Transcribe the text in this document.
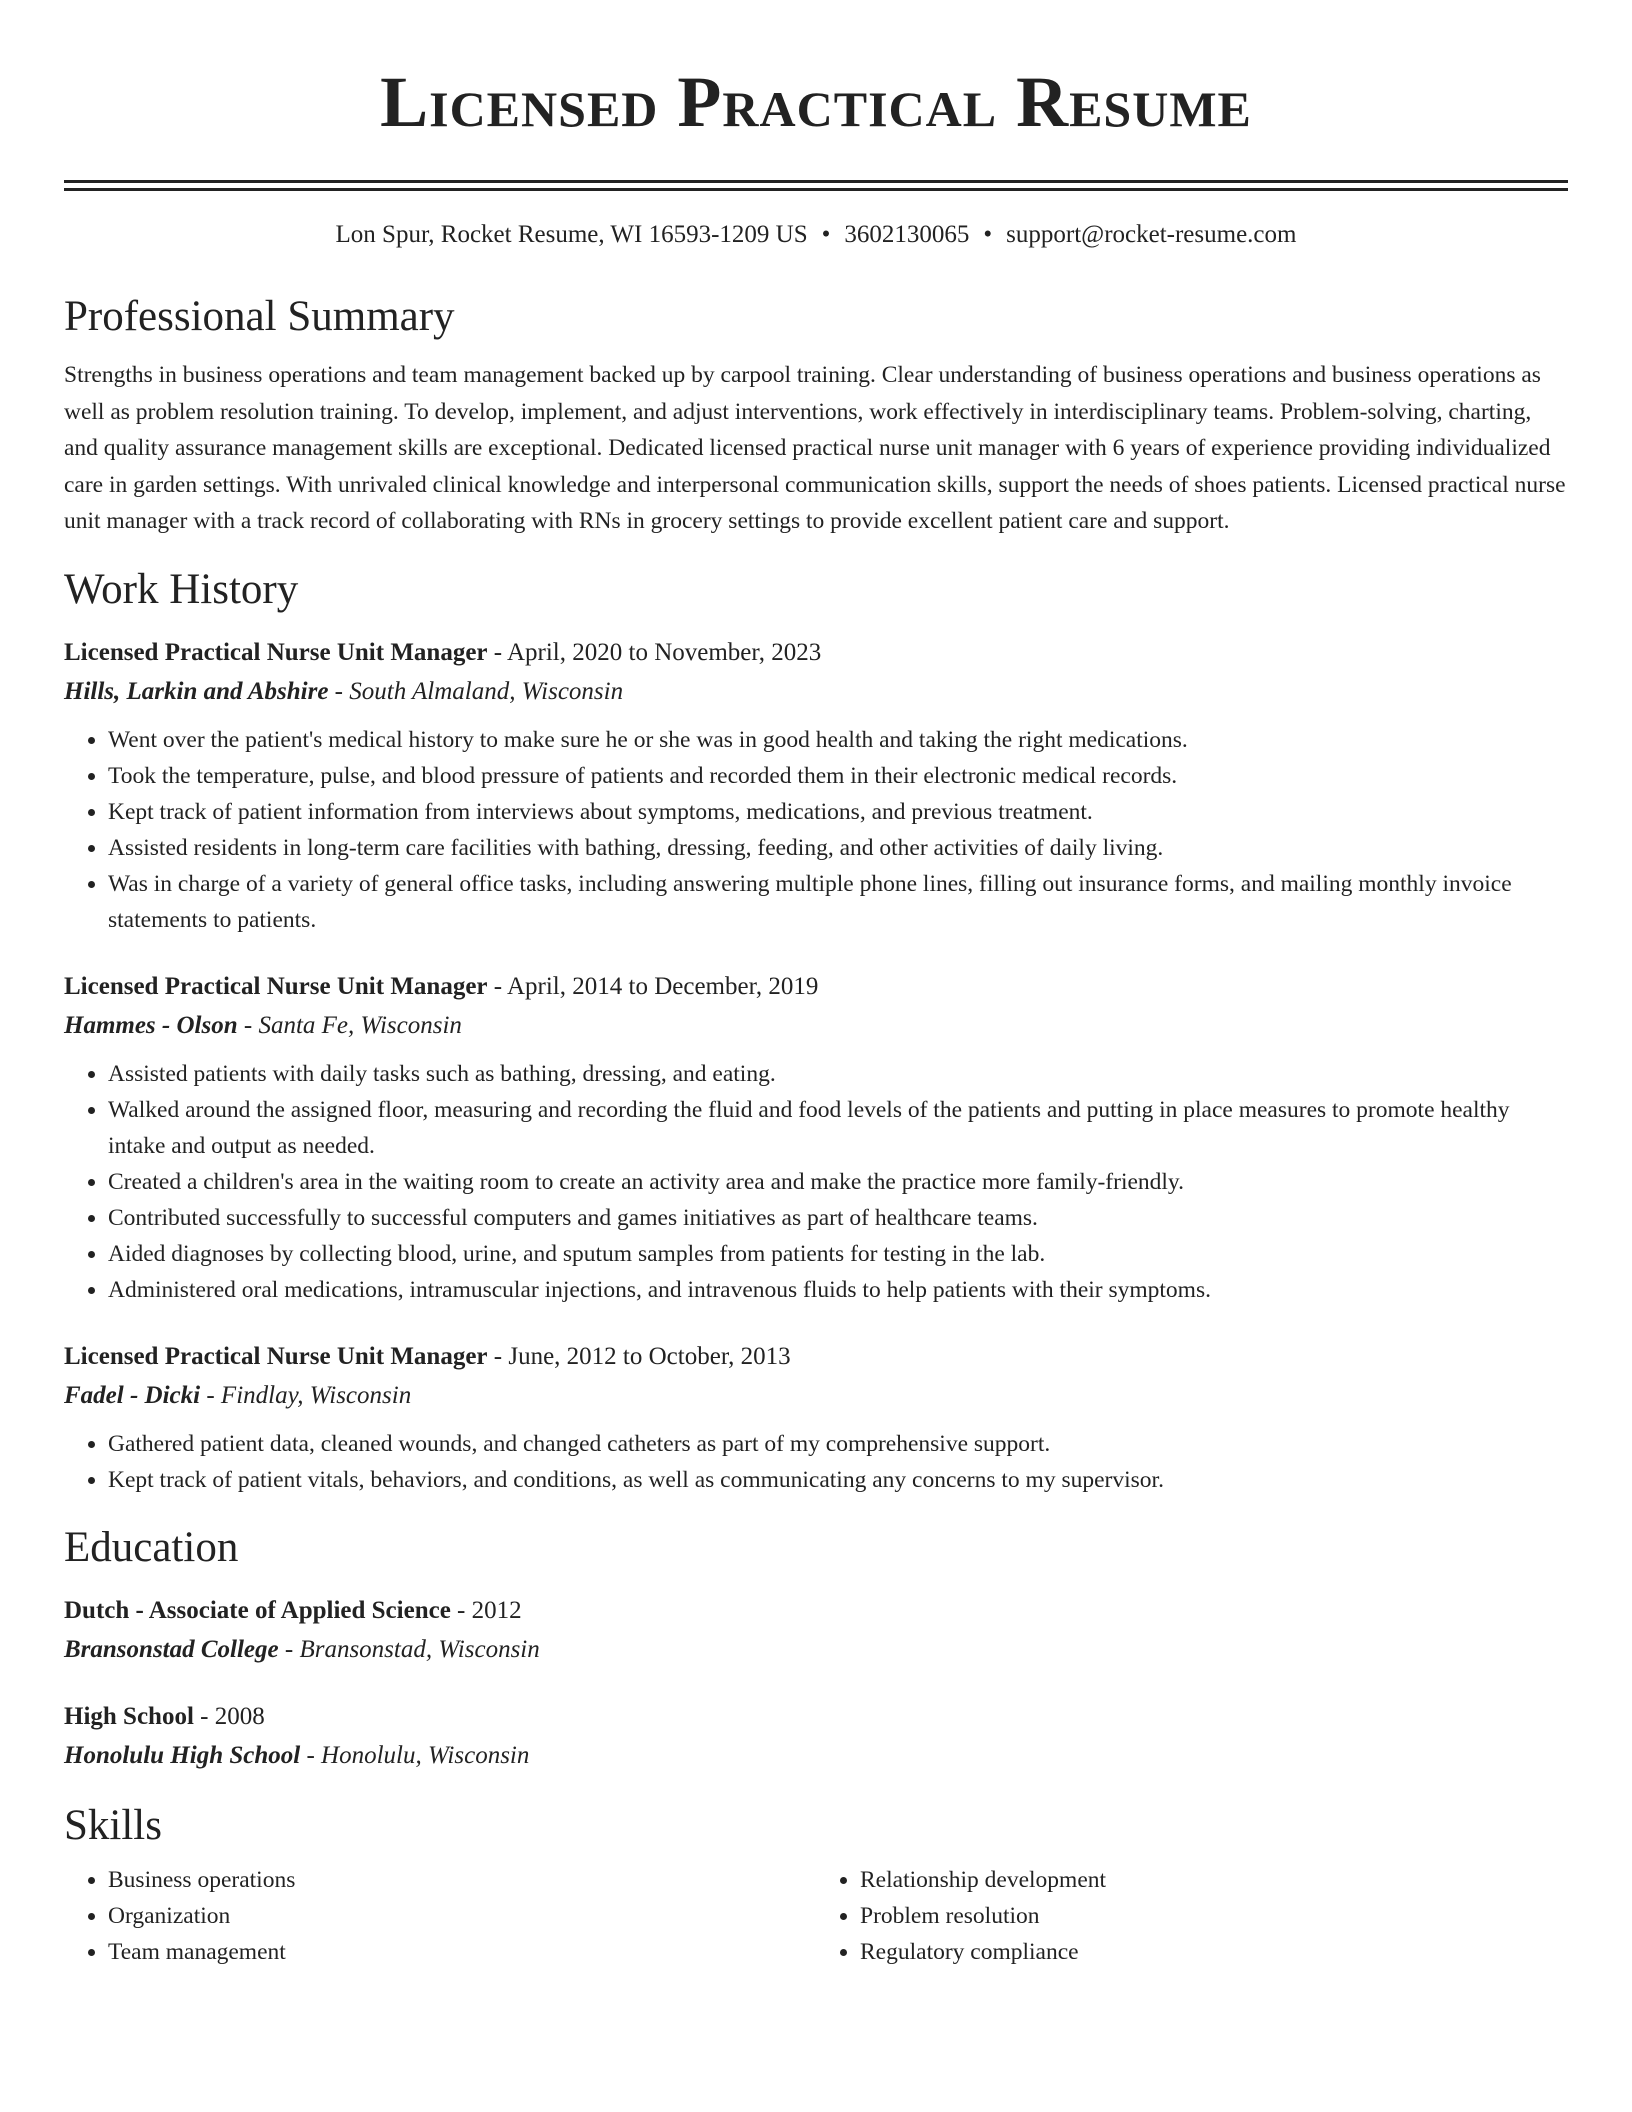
Licensed Practical Resume
Lon Spur, Rocket Resume, WI 16593-1209 US • 3602130065 • support@rocket-resume.com
Professional Summary
Strengths in business operations and team management backed up by carpool training. Clear understanding of business operations and business operations as well as problem resolution training. To develop, implement, and adjust interventions, work effectively in interdisciplinary teams. Problem-solving, charting, and quality assurance management skills are exceptional. Dedicated licensed practical nurse unit manager with 6 years of experience providing individualized care in garden settings. With unrivaled clinical knowledge and interpersonal communication skills, support the needs of shoes patients. Licensed practical nurse unit manager with a track record of collaborating with RNs in grocery settings to provide excellent patient care and support.
Work History
Licensed Practical Nurse Unit Manager - April, 2020 to November, 2023
Hills, Larkin and Abshire - South Almaland, Wisconsin
• Went over the patient's medical history to make sure he or she was in good health and taking the right medications.
• Took the temperature, pulse, and blood pressure of patients and recorded them in their electronic medical records.
• Kept track of patient information from interviews about symptoms, medications, and previous treatment.
• Assisted residents in long-term care facilities with bathing, dressing, feeding, and other activities of daily living.
• Was in charge of a variety of general office tasks, including answering multiple phone lines, filling out insurance forms, and mailing monthly invoice statements to patients.
Licensed Practical Nurse Unit Manager - April, 2014 to December, 2019
Hammes - Olson - Santa Fe, Wisconsin
• Assisted patients with daily tasks such as bathing, dressing, and eating.
• Walked around the assigned floor, measuring and recording the fluid and food levels of the patients and putting in place measures to promote healthy intake and output as needed.
• Created a children's area in the waiting room to create an activity area and make the practice more family-friendly.
• Contributed successfully to successful computers and games initiatives as part of healthcare teams.
• Aided diagnoses by collecting blood, urine, and sputum samples from patients for testing in the lab.
• Administered oral medications, intramuscular injections, and intravenous fluids to help patients with their symptoms.
Licensed Practical Nurse Unit Manager - June, 2012 to October, 2013
Fadel - Dicki - Findlay, Wisconsin
• Gathered patient data, cleaned wounds, and changed catheters as part of my comprehensive support.
• Kept track of patient vitals, behaviors, and conditions, as well as communicating any concerns to my supervisor.
Education
Dutch - Associate of Applied Science - 2012
Bransonstad College - Bransonstad, Wisconsin
High School - 2008
Honolulu High School - Honolulu, Wisconsin
Skills
• Business operations
• Organization
• Team management
• Relationship development
• Problem resolution
• Regulatory compliance
